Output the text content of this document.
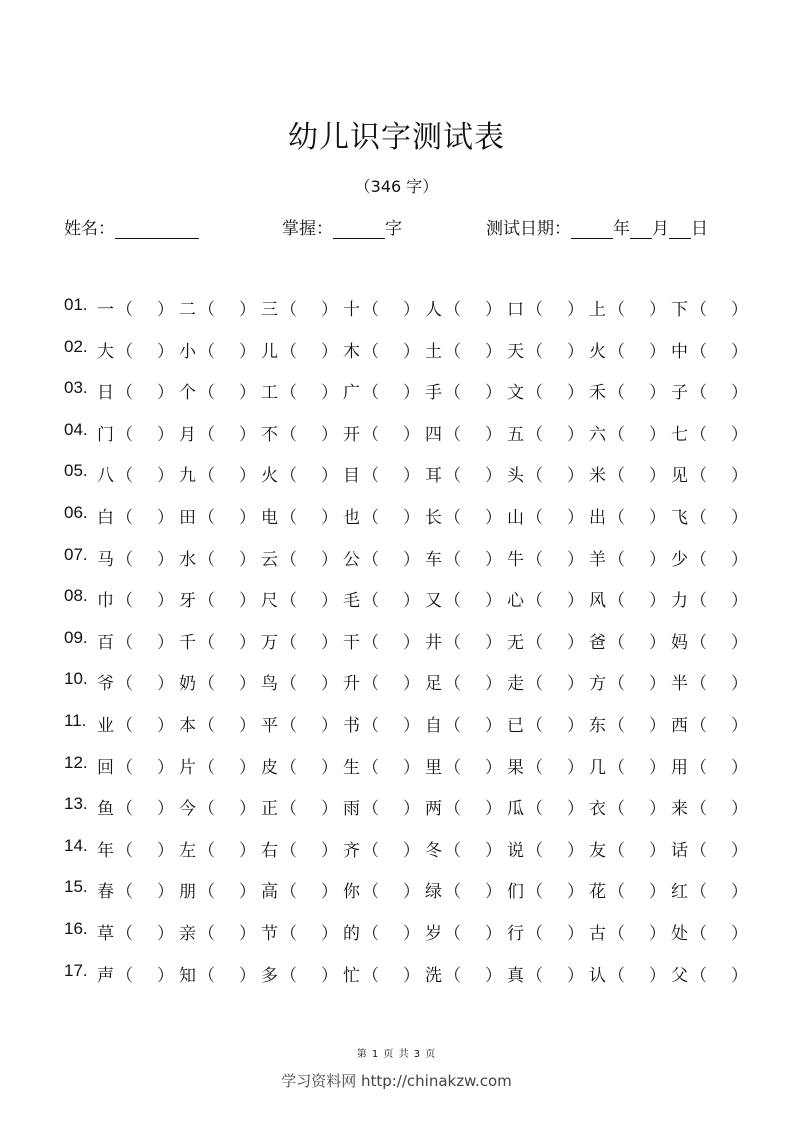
幼儿识字测试表
（346 字）
姓名：	掌握：	字	测试日期： 年 月 日
01. 一 （ ） 二 （ ） 三 （ ） 十 （ ） 人 （ ） 口 （ ） 上 （ ） 下 （ ）
02. 大 （ ） 小 （ ） 儿 （ ） 木 （ ） 土 （ ） 天 （ ） 火 （ ） 中 （ ）
03. 日 （ ） 个 （ ） 工 （ ） 广 （ ） 手 （ ） 文 （ ） 禾 （ ） 子 （ ）
04. 门 （ ） 月 （ ） 不 （ ） 开 （ ） 四 （ ） 五 （ ） 六 （ ） 七 （ ）
05. 八 （ ） 九 （ ） 火 （ ） 目 （ ） 耳 （ ） 头 （ ） 米 （ ） 见 （ ）
06. 白 （ ） 田 （ ） 电 （ ） 也 （ ） 长 （ ） 山 （ ） 出 （ ） 飞 （ ）
07. 马 （ ） 水 （ ） 云 （ ） 公 （ ） 车 （ ） 牛 （ ） 羊 （ ） 少 （ ）
08. 巾 （ ） 牙 （ ） 尺 （ ） 毛 （ ） 又 （ ） 心 （ ） 风 （ ） 力 （ ）
09. 百 （ ） 千 （ ） 万 （ ） 干 （ ） 井 （ ） 无 （ ） 爸 （ ） 妈 （ ）
10. 爷 （ ） 奶 （ ） 鸟 （ ） 升 （ ） 足 （ ） 走 （ ） 方 （ ） 半 （ ）
11. 业 （ ） 本 （ ） 平 （ ） 书 （ ） 自 （ ） 已 （ ） 东 （ ） 西 （ ）
12. 回 （ ） 片 （ ） 皮 （ ） 生 （ ） 里 （ ） 果 （ ） 几 （ ） 用 （ ）
13. 鱼 （ ） 今 （ ） 正 （ ） 雨 （ ） 两 （ ） 瓜 （ ） 衣 （ ） 来 （ ）
14. 年 （ ） 左 （ ） 右 （ ） 齐 （ ） 冬 （ ） 说 （ ） 友 （ ） 话 （ ）
15. 春 （ ） 朋 （ ） 高 （ ） 你 （ ） 绿 （ ） 们 （ ） 花 （ ） 红 （ ）
16. 草 （ ） 亲 （ ） 节 （ ） 的 （ ） 岁 （ ） 行 （ ） 古 （ ） 处 （ ）
17. 声 （ ） 知 （ ） 多 （ ） 忙 （ ） 洗 （ ） 真 （ ） 认 （ ） 父 （ ）
第 1 页 共 3 页
学习资料网 http://chinakzw.com
